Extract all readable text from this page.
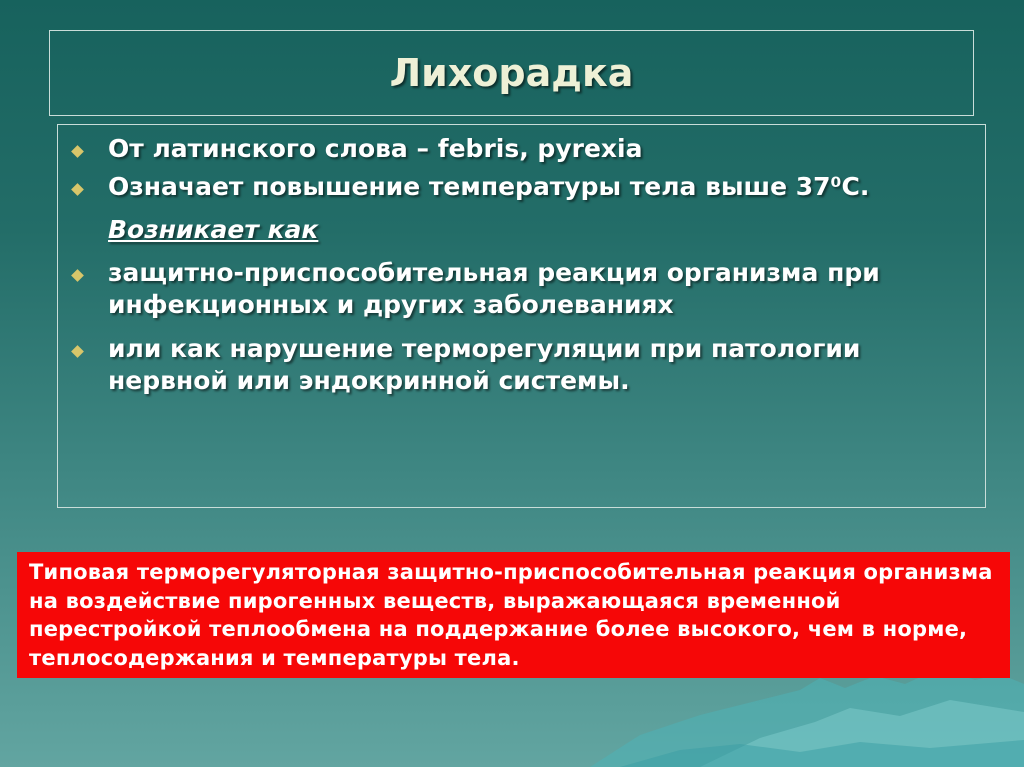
Лихорадка

От латинского слова – febris, pyrexia

Означает повышение температуры тела выше 37⁰С.

Возникает как

защитно-приспособительная реакция организма при инфекционных и других заболеваниях

или как нарушение терморегуляции при патологии нервной или эндокринной системы.

Типовая терморегуляторная защитно-приспособительная реакция организма на воздействие пирогенных веществ, выражающаяся временной перестройкой теплообмена на поддержание более высокого, чем в норме, теплосодержания и температуры тела.
